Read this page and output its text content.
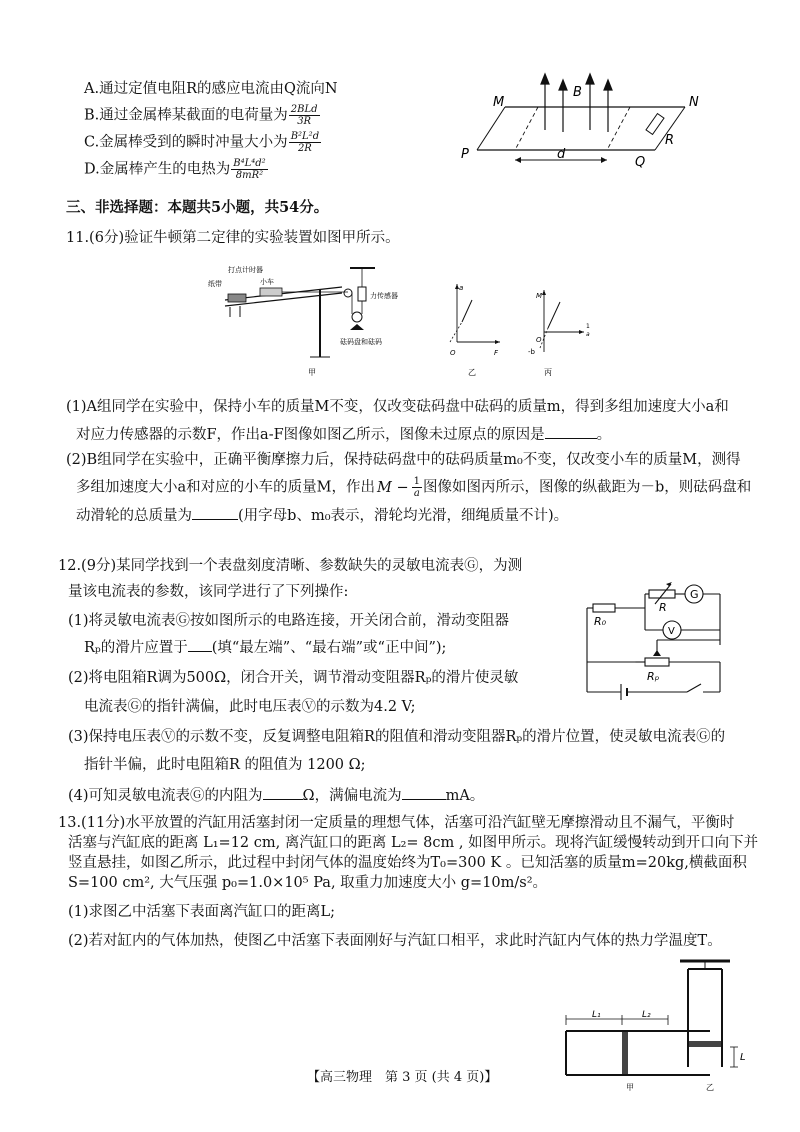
A.通过定值电阻R的感应电流由Q流向N
B.通过金属棒某截面的电荷量为 $\frac{\text{2BLd}}{3R}$
C.金属棒受到的瞬时冲量大小为 $\frac{\text{B²L²d}}{2R}$
D.金属棒产生的电热为 $\frac{\text{B⁴L⁴d²}}{\text{8mR²}}$
M
B
N
R
P	d
Q
三、非选择题：本题共5小题，共54分。
11.(6分)验证牛顿第二定律的实验装置如图甲所示。
打点计时器
纸带	小车
力传感器
砝码盘和砝码
甲
a
O	F
乙
M
O
1
a
-b
丙
(1)A组同学在实验中，保持小车的质量M不变，仅改变砝码盘中砝码的质量m，得到多组加速度大小a和
对应力传感器的示数F，作出a-F图像如图乙所示，图像未过原点的原因是	。
(2)B组同学在实验中，正确平衡摩擦力后，保持砝码盘中的砝码质量m₀不变，仅改变小车的质量M，测得
多组加速度大小a和对应的小车的质量M，作出 $M - \frac{1}{a}$ 图像如图丙所示，图像的纵截距为－b，则砝码盘和
动滑轮的总质量为	(用字母b、m₀表示，滑轮均光滑，细绳质量不计)。
12.(9分)某同学找到一个表盘刻度清晰、参数缺失的灵敏电流表Ⓖ，为测
量该电流表的参数，该同学进行了下列操作:
(1)将灵敏电流表Ⓖ按如图所示的电路连接，开关闭合前，滑动变阻器
Rₚ的滑片应置于 (填“最左端”、“最右端”或“正中间”);
(2)将电阻箱R调为500Ω，闭合开关，调节滑动变阻器Rₚ的滑片使灵敏
电流表Ⓖ的指针满偏，此时电压表Ⓥ的示数为4.2 V;
(3)保持电压表Ⓥ的示数不变，反复调整电阻箱R的阻值和滑动变阻器Rₚ的滑片位置，使灵敏电流表Ⓖ的
指针半偏，此时电阻箱R 的阻值为 1200 Ω;
(4)可知灵敏电流表Ⓖ的内阻为	Ω，满偏电流为	mA。
R₀
R
G
V
Rₚ
13.(11分)水平放置的汽缸用活塞封闭一定质量的理想气体，活塞可沿汽缸壁无摩擦滑动且不漏气，平衡时
活塞与汽缸底的距离 L₁=12 cm, 离汽缸口的距离 L₂= 8cm , 如图甲所示。现将汽缸缓慢转动到开口向下并
竖直悬挂，如图乙所示，此过程中封闭气体的温度始终为T₀=300 K 。已知活塞的质量m=20kg,横截面积
S=100 cm², 大气压强 p₀=1.0×10⁵ Pa, 取重力加速度大小 g=10m/s²。
(1)求图乙中活塞下表面离汽缸口的距离L;
(2)若对缸内的气体加热，使图乙中活塞下表面刚好与汽缸口相平，求此时汽缸内气体的热力学温度T。
L₁	L₂
甲
L
乙
【高三物理　第 3 页 (共 4 页)】
